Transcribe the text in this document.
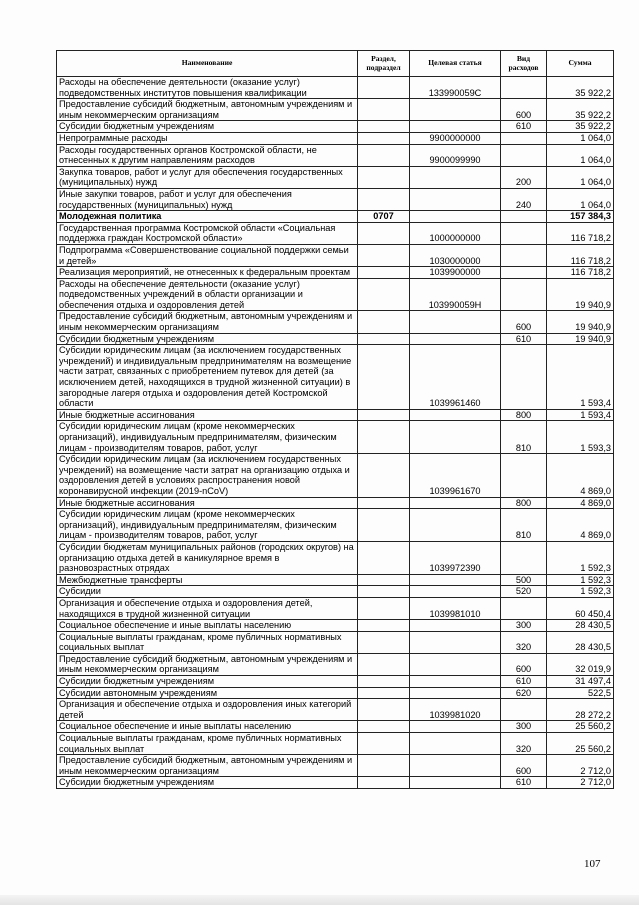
Наименование	Раздел, подраздел	Целевая статья	Вид расходов	Сумма
Расходы на обеспечение деятельности (оказание услуг) подведомственных институтов повышения квалификации		133990059С		35 922,2
Предоставление субсидий бюджетным, автономным учреждениям и иным некоммерческим организациям			600	35 922,2
Субсидии бюджетным учреждениям			610	35 922,2
Непрограммные расходы		9900000000		1 064,0
Расходы государственных органов Костромской области, не отнесенных к другим направлениям расходов		9900099990		1 064,0
Закупка товаров, работ и услуг для обеспечения государственных (муниципальных) нужд			200	1 064,0
Иные закупки товаров, работ и услуг для обеспечения государственных (муниципальных) нужд			240	1 064,0
Молодежная политика	0707			157 384,3
Государственная программа Костромской области «Социальная поддержка граждан Костромской области»		1000000000		116 718,2
Подпрограмма «Совершенствование социальной поддержки семьи и детей»		1030000000		116 718,2
Реализация мероприятий, не отнесенных к федеральным проектам		1039900000		116 718,2
Расходы на обеспечение деятельности (оказание услуг) подведомственных учреждений в области организации и обеспечения отдыха и оздоровления детей		103990059Н		19 940,9
Предоставление субсидий бюджетным, автономным учреждениям и иным некоммерческим организациям			600	19 940,9
Субсидии бюджетным учреждениям			610	19 940,9
Субсидии юридическим лицам (за исключением государственных учреждений) и индивидуальным предпринимателям на возмещение части затрат, связанных с приобретением путевок для детей (за исключением детей, находящихся в трудной жизненной ситуации) в загородные лагеря отдыха и оздоровления детей Костромской области		1039961460		1 593,4
Иные бюджетные ассигнования			800	1 593,4
Субсидии юридическим лицам (кроме некоммерческих организаций), индивидуальным предпринимателям, физическим лицам - производителям товаров, работ, услуг			810	1 593,3
Субсидии юридическим лицам (за исключением государственных учреждений) на возмещение части затрат на организацию отдыха и оздоровления детей в условиях распространения новой коронавирусной инфекции (2019-nCoV)		1039961670		4 869,0
Иные бюджетные ассигнования			800	4 869,0
Субсидии юридическим лицам (кроме некоммерческих организаций), индивидуальным предпринимателям, физическим лицам - производителям товаров, работ, услуг			810	4 869,0
Субсидии бюджетам муниципальных районов (городских округов) на организацию отдыха детей в каникулярное время в разновозрастных отрядах		1039972390		1 592,3
Межбюджетные трансферты			500	1 592,3
Субсидии			520	1 592,3
Организация и обеспечение отдыха и оздоровления детей, находящихся в трудной жизненной ситуации		1039981010		60 450,4
Социальное обеспечение и иные выплаты населению			300	28 430,5
Социальные выплаты гражданам, кроме публичных нормативных социальных выплат			320	28 430,5
Предоставление субсидий бюджетным, автономным учреждениям и иным некоммерческим организациям			600	32 019,9
Субсидии бюджетным учреждениям			610	31 497,4
Субсидии автономным учреждениям			620	522,5
Организация и обеспечение отдыха и оздоровления иных категорий детей		1039981020		28 272,2
Социальное обеспечение и иные выплаты населению			300	25 560,2
Социальные выплаты гражданам, кроме публичных нормативных социальных выплат			320	25 560,2
Предоставление субсидий бюджетным, автономным учреждениям и иным некоммерческим организациям			600	2 712,0
Субсидии бюджетным учреждениям			610	2 712,0
107
